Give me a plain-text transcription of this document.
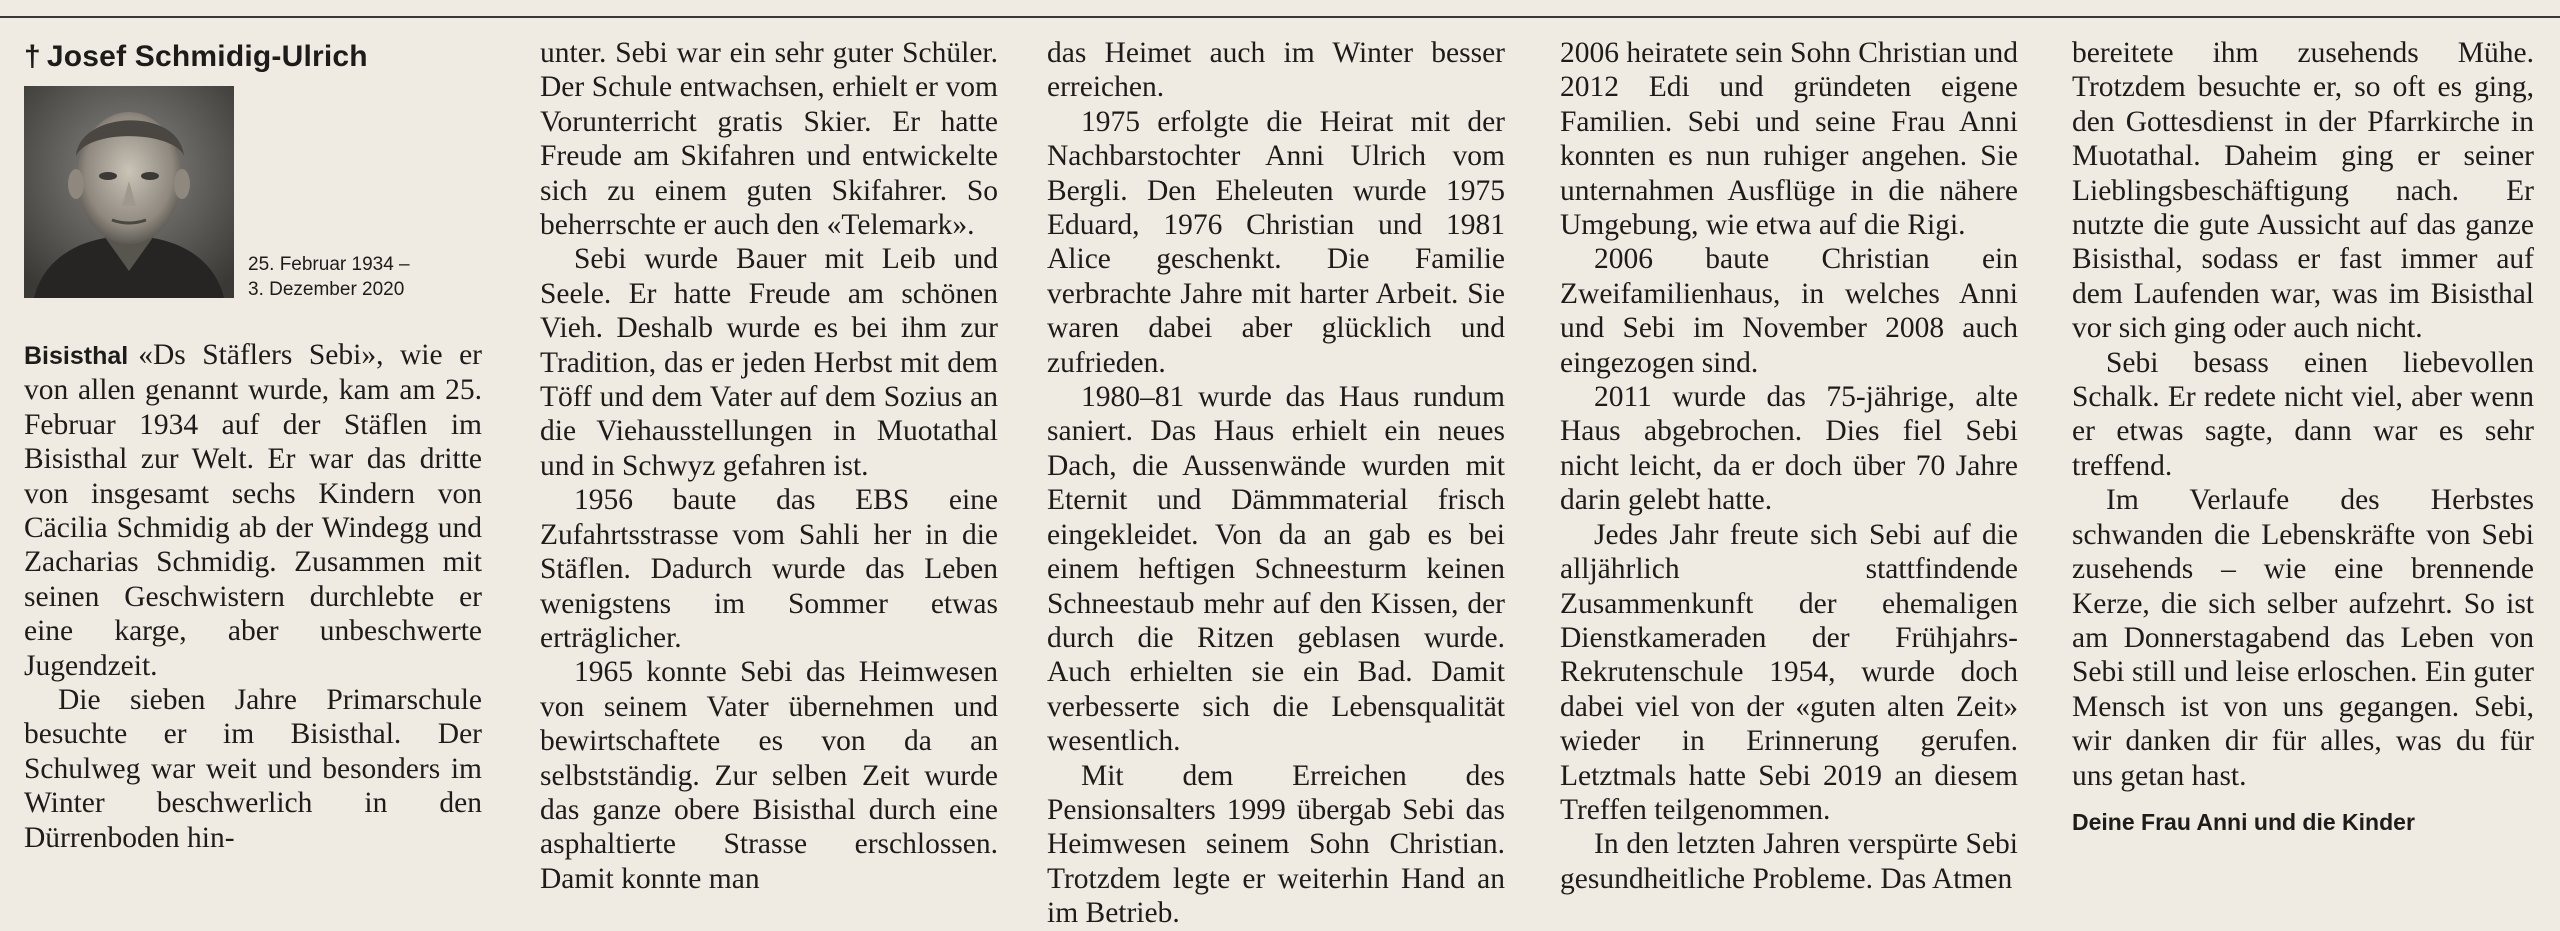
† Josef Schmidig-Ulrich
25. Februar 1934 –
3. Dezember 2020

Bisisthal «Ds Stäflers Sebi», wie er von allen genannt wurde, kam am 25. Februar 1934 auf der Stäflen im Bisisthal zur Welt. Er war das dritte von insgesamt sechs Kindern von Cäcilia Schmidig ab der Windegg und Zacharias Schmidig. Zusammen mit seinen Geschwistern durchlebte er eine karge, aber unbeschwerte Jugendzeit.

Die sieben Jahre Primarschule besuchte er im Bisisthal. Der Schulweg war weit und besonders im Winter beschwerlich in den Dürrenboden hin-

unter. Sebi war ein sehr guter Schüler. Der Schule entwachsen, erhielt er vom Vorunterricht gratis Skier. Er hatte Freude am Skifahren und entwickelte sich zu einem guten Skifahrer. So beherrschte er auch den «Telemark».

Sebi wurde Bauer mit Leib und Seele. Er hatte Freude am schönen Vieh. Deshalb wurde es bei ihm zur Tradition, das er jeden Herbst mit dem Töff und dem Vater auf dem Sozius an die Viehausstellungen in Muotathal und in Schwyz gefahren ist.

1956 baute das EBS eine Zufahrtsstrasse vom Sahli her in die Stäflen. Dadurch wurde das Leben wenigstens im Sommer etwas erträglicher.

1965 konnte Sebi das Heimwesen von seinem Vater übernehmen und bewirtschaftete es von da an selbstständig. Zur selben Zeit wurde das ganze obere Bisisthal durch eine asphaltierte Strasse erschlossen. Damit konnte man

das Heimet auch im Winter besser erreichen.

1975 erfolgte die Heirat mit der Nachbarstochter Anni Ulrich vom Bergli. Den Eheleuten wurde 1975 Eduard, 1976 Christian und 1981 Alice geschenkt. Die Familie verbrachte Jahre mit harter Arbeit. Sie waren dabei aber glücklich und zufrieden.

1980–81 wurde das Haus rundum saniert. Das Haus erhielt ein neues Dach, die Aussenwände wurden mit Eternit und Dämmmaterial frisch eingekleidet. Von da an gab es bei einem heftigen Schneesturm keinen Schneestaub mehr auf den Kissen, der durch die Ritzen geblasen wurde. Auch erhielten sie ein Bad. Damit verbesserte sich die Lebensqualität wesentlich.

Mit dem Erreichen des Pensionsalters 1999 übergab Sebi das Heimwesen seinem Sohn Christian. Trotzdem legte er weiterhin Hand an im Betrieb.

2006 heiratete sein Sohn Christian und 2012 Edi und gründeten eigene Familien. Sebi und seine Frau Anni konnten es nun ruhiger angehen. Sie unternahmen Ausflüge in die nähere Umgebung, wie etwa auf die Rigi.

2006 baute Christian ein Zweifamilienhaus, in welches Anni und Sebi im November 2008 auch eingezogen sind.

2011 wurde das 75-jährige, alte Haus abgebrochen. Dies fiel Sebi nicht leicht, da er doch über 70 Jahre darin gelebt hatte.

Jedes Jahr freute sich Sebi auf die alljährlich stattfindende Zusammenkunft der ehemaligen Dienstkameraden der Frühjahrs-Rekrutenschule 1954, wurde doch dabei viel von der «guten alten Zeit» wieder in Erinnerung gerufen. Letztmals hatte Sebi 2019 an diesem Treffen teilgenommen.

In den letzten Jahren verspürte Sebi gesundheitliche Probleme. Das Atmen

bereitete ihm zusehends Mühe. Trotzdem besuchte er, so oft es ging, den Gottesdienst in der Pfarrkirche in Muotathal. Daheim ging er seiner Lieblingsbeschäftigung nach. Er nutzte die gute Aussicht auf das ganze Bisisthal, sodass er fast immer auf dem Laufenden war, was im Bisisthal vor sich ging oder auch nicht.

Sebi besass einen liebevollen Schalk. Er redete nicht viel, aber wenn er etwas sagte, dann war es sehr treffend.

Im Verlaufe des Herbstes schwanden die Lebenskräfte von Sebi zusehends – wie eine brennende Kerze, die sich selber aufzehrt. So ist am Donnerstagabend das Leben von Sebi still und leise erloschen. Ein guter Mensch ist von uns gegangen. Sebi, wir danken dir für alles, was du für uns getan hast.

Deine Frau Anni und die Kinder
